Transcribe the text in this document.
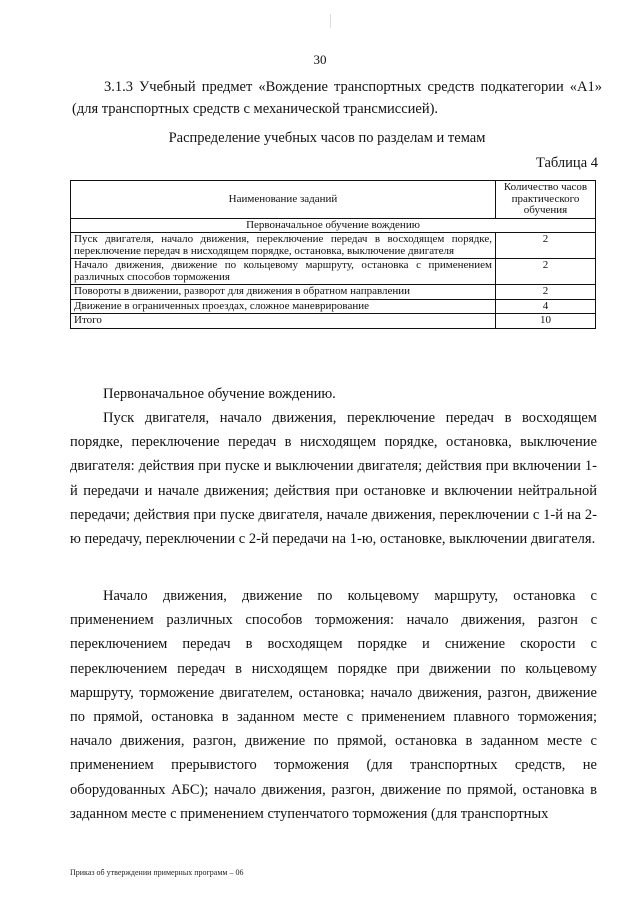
30
3.1.3 Учебный предмет «Вождение транспортных средств подкатегории «А1»
(для транспортных средств с механической трансмиссией).
Распределение учебных часов по разделам и темам
Таблица 4
Наименование заданий	Количество часов практического обучения
Первоначальное обучение вождению	
Пуск двигателя, начало движения, переключение передач в восходящем порядке, переключение передач в нисходящем порядке, остановка, выключение двигателя	2
Начало движения, движение по кольцевому маршруту, остановка с применением различных способов торможения	2
Повороты в движении, разворот для движения в обратном направлении	2
Движение в ограниченных проездах, сложное маневрирование	4
Итого	10

Первоначальное обучение вождению.

Пуск двигателя, начало движения, переключение передач в восходящем порядке, переключение передач в нисходящем порядке, остановка, выключение двигателя: действия при пуске и выключении двигателя; действия при включении 1-й передачи и начале движения; действия при остановке и включении нейтральной передачи; действия при пуске двигателя, начале движения, переключении с 1-й на 2-ю передачу, переключении с 2-й передачи на 1-ю, остановке, выключении двигателя.

Начало движения, движение по кольцевому маршруту, остановка с применением различных способов торможения: начало движения, разгон с переключением передач в восходящем порядке и снижение скорости с переключением передач в нисходящем порядке при движении по кольцевому маршруту, торможение двигателем, остановка; начало движения, разгон, движение по прямой, остановка в заданном месте с применением плавного торможения; начало движения, разгон, движение по прямой, остановка в заданном месте с применением прерывистого торможения (для транспортных средств, не оборудованных АБС); начало движения, разгон, движение по прямой, остановка в заданном месте с применением ступенчатого торможения (для транспортных

Приказ об утверждении примерных программ – 06
